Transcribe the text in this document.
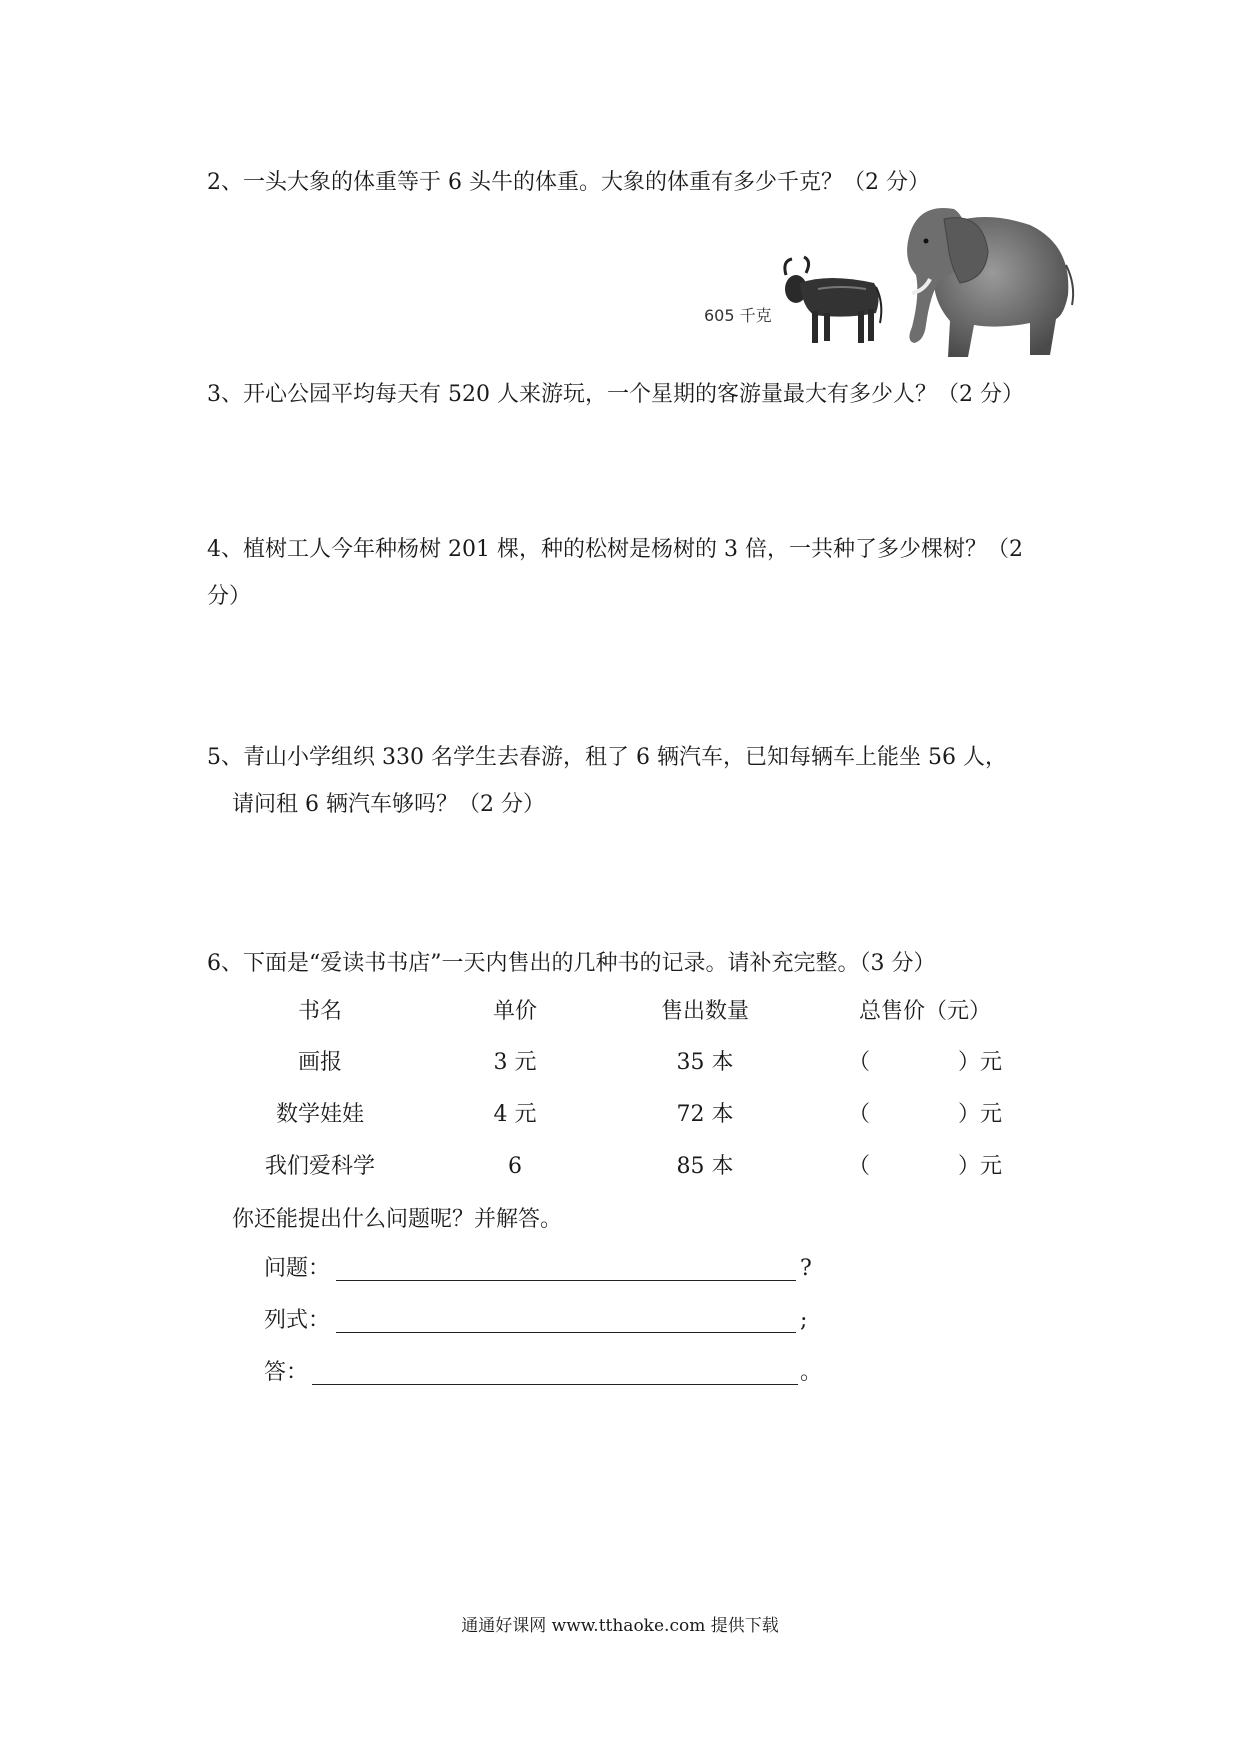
2、一头大象的体重等于 6 头牛的体重。大象的体重有多少千克？（2 分）
605 千克
3、开心公园平均每天有 520 人来游玩，一个星期的客游量最大有多少人？（2 分）
4、植树工人今年种杨树 201 棵，种的松树是杨树的 3 倍，一共种了多少棵树？（2
分）
5、青山小学组织 330 名学生去春游，租了 6 辆汽车，已知每辆车上能坐 56 人，
请问租 6 辆汽车够吗？（2 分）
6、下面是“爱读书书店”一天内售出的几种书的记录。请补充完整。（3 分）
书名	单价	售出数量	总售价（元）
画报	3 元	35 本	（　　　　）元
数学娃娃	4 元	72 本	（　　　　）元
我们爱科学	6	85 本	（　　　　）元
你还能提出什么问题呢？并解答。
问题：	?
列式：	;
答：	。
通通好课网 www.tthaoke.com 提供下载
